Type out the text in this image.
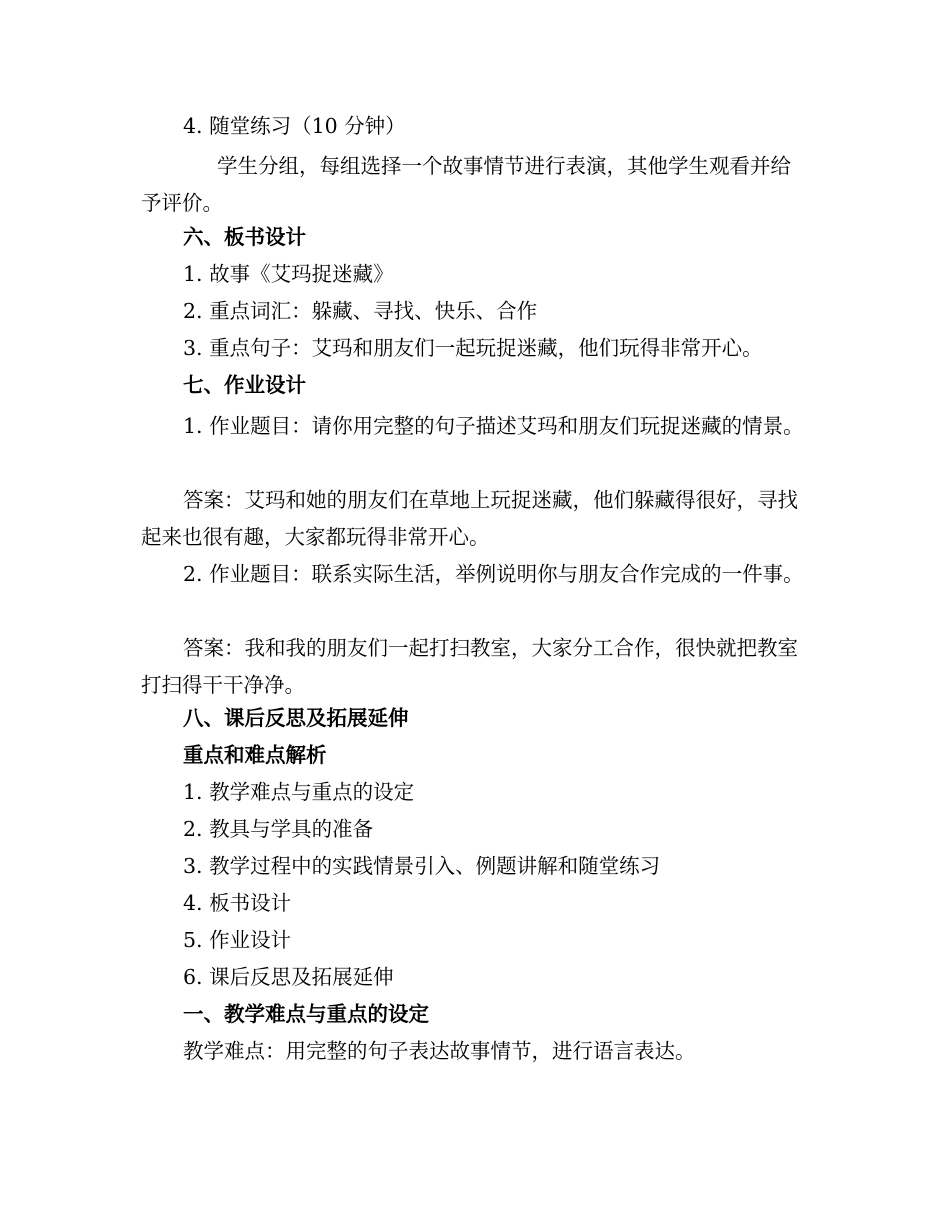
4. 随堂练习（10 分钟）
学生分组，每组选择一个故事情节进行表演，其他学生观看并给予评价。
六、板书设计
1. 故事《艾玛捉迷藏》
2. 重点词汇：躲藏、寻找、快乐、合作
3. 重点句子：艾玛和朋友们一起玩捉迷藏，他们玩得非常开心。
七、作业设计
1. 作业题目：请你用完整的句子描述艾玛和朋友们玩捉迷藏的情景。
答案：艾玛和她的朋友们在草地上玩捉迷藏，他们躲藏得很好，寻找起来也很有趣，大家都玩得非常开心。
2. 作业题目：联系实际生活，举例说明你与朋友合作完成的一件事。
答案：我和我的朋友们一起打扫教室，大家分工合作，很快就把教室打扫得干干净净。
八、课后反思及拓展延伸
重点和难点解析
1. 教学难点与重点的设定
2. 教具与学具的准备
3. 教学过程中的实践情景引入、例题讲解和随堂练习
4. 板书设计
5. 作业设计
6. 课后反思及拓展延伸
一、教学难点与重点的设定
教学难点：用完整的句子表达故事情节，进行语言表达。
